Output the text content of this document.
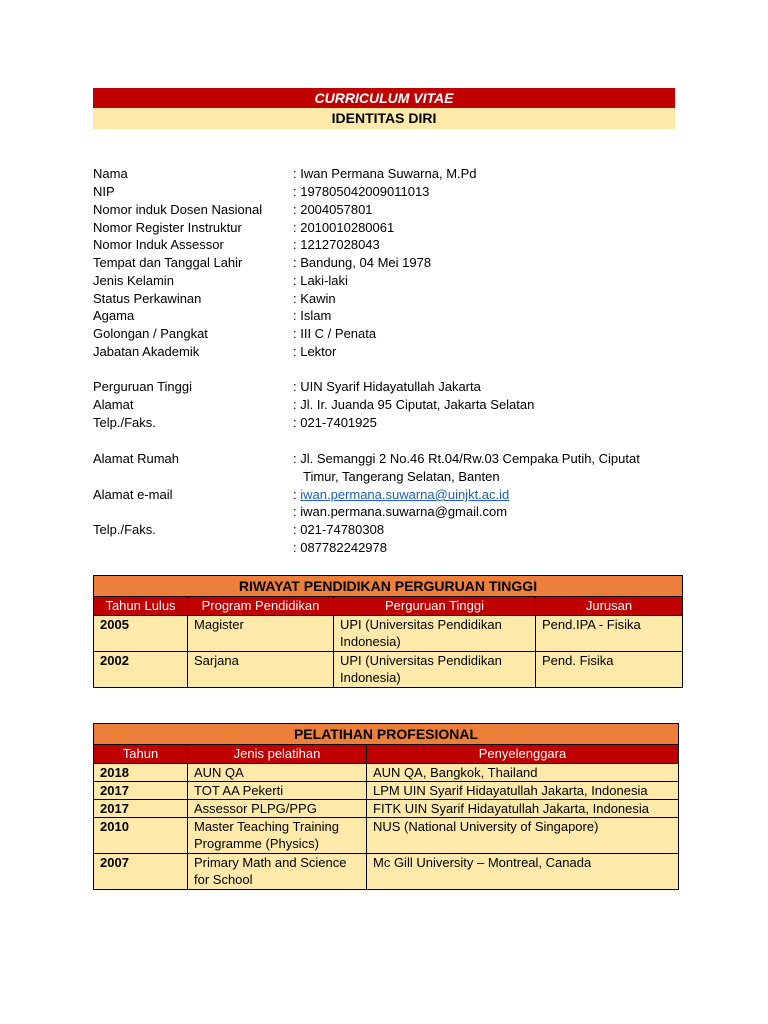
CURRICULUM VITAE
IDENTITAS DIRI
Nama	: Iwan Permana Suwarna, M.Pd
NIP	: 197805042009011013
Nomor induk Dosen Nasional	: 2004057801
Nomor Register Instruktur	: 2010010280061
Nomor Induk Assessor	: 12127028043
Tempat dan Tanggal Lahir	: Bandung, 04 Mei 1978
Jenis Kelamin	: Laki-laki
Status Perkawinan	: Kawin
Agama	: Islam
Golongan / Pangkat	: III C / Penata
Jabatan Akademik	: Lektor
Perguruan Tinggi	: UIN Syarif Hidayatullah Jakarta
Alamat	: Jl. Ir. Juanda 95 Ciputat, Jakarta Selatan
Telp./Faks.	: 021-7401925
Alamat Rumah	: Jl. Semanggi 2 No.46 Rt.04/Rw.03 Cempaka Putih, Ciputat
Timur, Tangerang Selatan, Banten
Alamat e-mail	: iwan.permana.suwarna@uinjkt.ac.id
: iwan.permana.suwarna@gmail.com
Telp./Faks.	: 021-74780308
: 087782242978
RIWAYAT PENDIDIKAN PERGURUAN TINGGI			
Tahun Lulus	Program Pendidikan	Perguruan Tinggi	Jurusan
2005	Magister	UPI (Universitas Pendidikan Indonesia)	Pend.IPA - Fisika
2002	Sarjana	UPI (Universitas Pendidikan Indonesia)	Pend. Fisika
PELATIHAN PROFESIONAL		
Tahun	Jenis pelatihan	Penyelenggara
2018	AUN QA	AUN QA, Bangkok, Thailand
2017	TOT AA Pekerti	LPM UIN Syarif Hidayatullah Jakarta, Indonesia
2017	Assessor PLPG/PPG	FITK UIN Syarif Hidayatullah Jakarta, Indonesia
2010	Master Teaching Training Programme (Physics)	NUS (National University of Singapore)
2007	Primary Math and Science for School	Mc Gill University – Montreal, Canada
